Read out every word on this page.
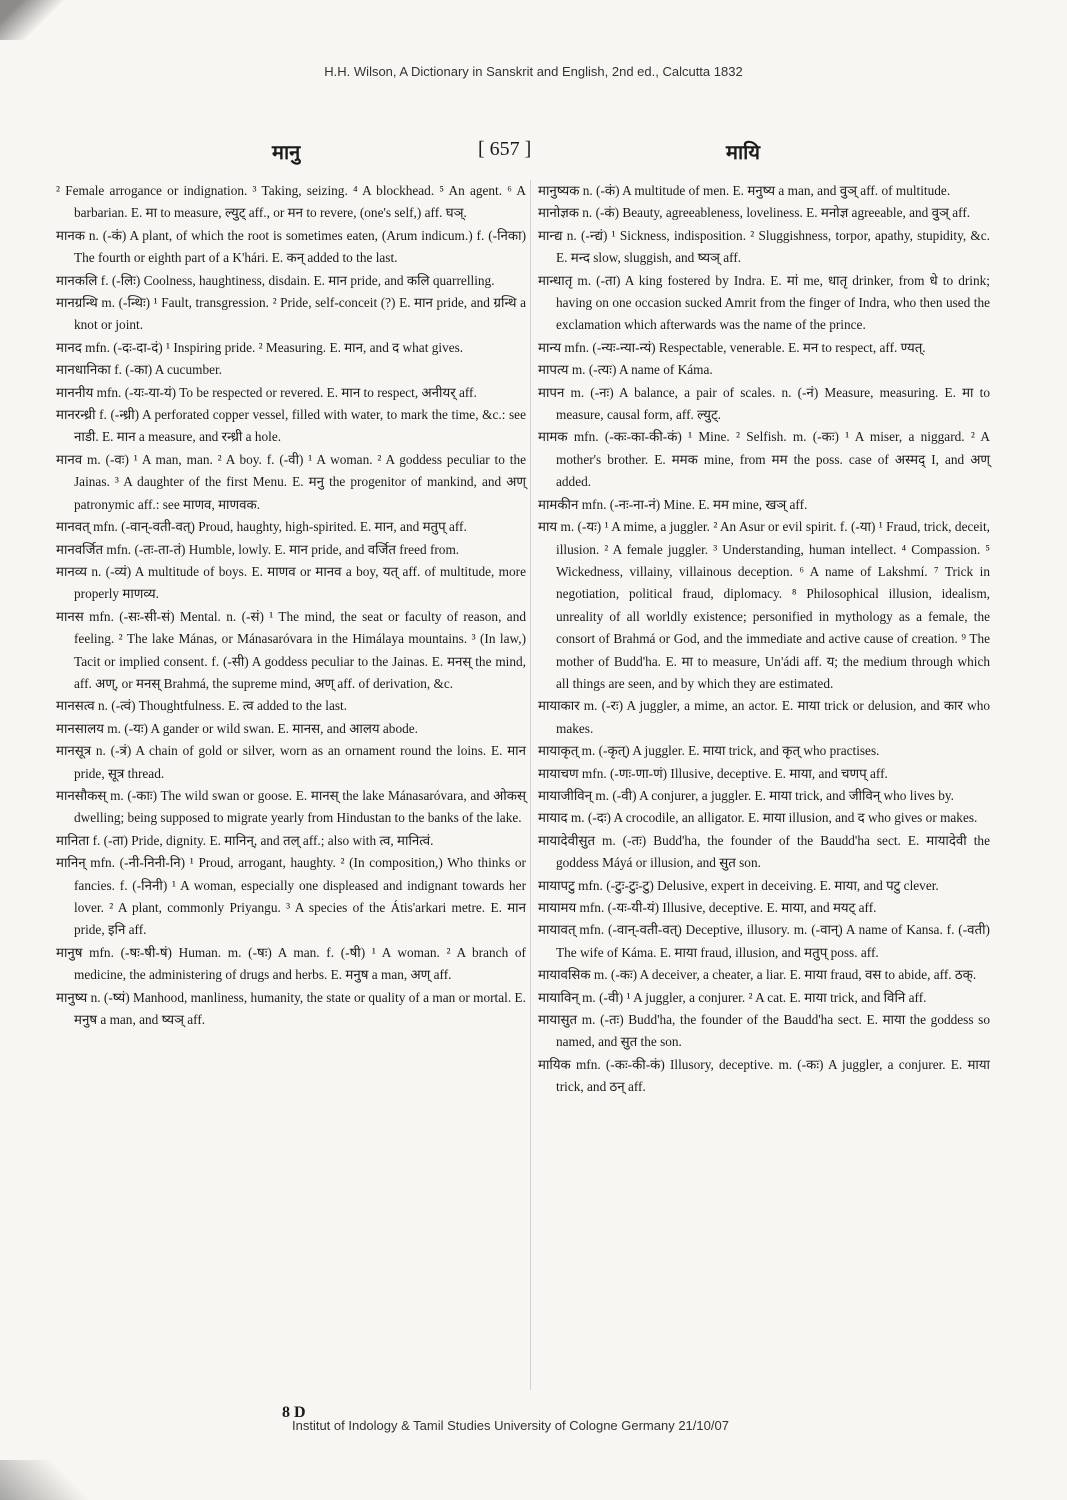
H.H. Wilson, A Dictionary in Sanskrit and English, 2nd ed., Calcutta 1832
मानु	[ 657 ]	मायि

² Female arrogance or indignation. ³ Taking, seizing. ⁴ A blockhead. ⁵ An agent. ⁶ A barbarian. E. मा to measure, ल्युट् aff., or मन to revere, (one's self,) aff. घञ्.

मानक n. (-कं) A plant, of which the root is sometimes eaten, (Arum indicum.) f. (-निका) The fourth or eighth part of a K'hári. E. कन् added to the last.

मानकलि f. (-लिः) Coolness, haughtiness, disdain. E. मान pride, and कलि quarrelling.

मानग्रन्थि m. (-न्थिः) ¹ Fault, transgression. ² Pride, self-conceit (?) E. मान pride, and ग्रन्थि a knot or joint.

मानद mfn. (-दः-दा-दं) ¹ Inspiring pride. ² Measuring. E. मान, and द what gives.

मानधानिका f. (-का) A cucumber.

माननीय mfn. (-यः-या-यं) To be respected or revered. E. मान to respect, अनीयर् aff.

मानरन्ध्री f. (-न्ध्री) A perforated copper vessel, filled with water, to mark the time, &c.: see नाडी. E. मान a measure, and रन्ध्री a hole.

मानव m. (-वः) ¹ A man, man. ² A boy. f. (-वी) ¹ A woman. ² A goddess peculiar to the Jainas. ³ A daughter of the first Menu. E. मनु the progenitor of mankind, and अण् patronymic aff.: see माणव, माणवक.

मानवत् mfn. (-वान्-वती-वत्) Proud, haughty, high-spirited. E. मान, and मतुप् aff.

मानवर्जित mfn. (-तः-ता-तं) Humble, lowly. E. मान pride, and वर्जित freed from.

मानव्य n. (-व्यं) A multitude of boys. E. माणव or मानव a boy, यत् aff. of multitude, more properly माणव्य.

मानस mfn. (-सः-सी-सं) Mental. n. (-सं) ¹ The mind, the seat or faculty of reason, and feeling. ² The lake Mánas, or Mánasaróvara in the Himálaya mountains. ³ (In law,) Tacit or implied consent. f. (-सी) A goddess peculiar to the Jainas. E. मनस् the mind, aff. अण्, or मनस् Brahmá, the supreme mind, अण् aff. of derivation, &c.

मानसत्व n. (-त्वं) Thoughtfulness. E. त्व added to the last.

मानसालय m. (-यः) A gander or wild swan. E. मानस, and आलय abode.

मानसूत्र n. (-त्रं) A chain of gold or silver, worn as an ornament round the loins. E. मान pride, सूत्र thread.

मानसौकस् m. (-काः) The wild swan or goose. E. मानस् the lake Mánasaróvara, and ओकस् dwelling; being supposed to migrate yearly from Hindustan to the banks of the lake.

मानिता f. (-ता) Pride, dignity. E. मानिन्, and तल् aff.; also with त्व, मानित्वं.

मानिन् mfn. (-नी-निनी-नि) ¹ Proud, arrogant, haughty. ² (In composition,) Who thinks or fancies. f. (-निनी) ¹ A woman, especially one displeased and indignant towards her lover. ² A plant, commonly Priyangu. ³ A species of the Átis'arkari metre. E. मान pride, इनि aff.

मानुष mfn. (-षः-षी-षं) Human. m. (-षः) A man. f. (-षी) ¹ A woman. ² A branch of medicine, the administering of drugs and herbs. E. मनुष a man, अण् aff.

मानुष्य n. (-ष्यं) Manhood, manliness, humanity, the state or quality of a man or mortal. E. मनुष a man, and ष्यञ् aff.

मानुष्यक n. (-कं) A multitude of men. E. मनुष्य a man, and वुञ् aff. of multitude.

मानोज्ञक n. (-कं) Beauty, agreeableness, loveliness. E. मनोज्ञ agreeable, and वुञ् aff.

मान्द्य n. (-न्द्यं) ¹ Sickness, indisposition. ² Sluggishness, torpor, apathy, stupidity, &c. E. मन्द slow, sluggish, and ष्यञ् aff.

मान्धातृ m. (-ता) A king fostered by Indra. E. मां me, धातृ drinker, from धे to drink; having on one occasion sucked Amrit from the finger of Indra, who then used the exclamation which afterwards was the name of the prince.

मान्य mfn. (-न्यः-न्या-न्यं) Respectable, venerable. E. मन to respect, aff. ण्यत्.

मापत्य m. (-त्यः) A name of Káma.

मापन m. (-नः) A balance, a pair of scales. n. (-नं) Measure, measuring. E. मा to measure, causal form, aff. ल्युट्.

मामक mfn. (-कः-का-की-कं) ¹ Mine. ² Selfish. m. (-कः) ¹ A miser, a niggard. ² A mother's brother. E. ममक mine, from मम the poss. case of अस्मद् I, and अण् added.

मामकीन mfn. (-नः-ना-नं) Mine. E. मम mine, खञ् aff.

माय m. (-यः) ¹ A mime, a juggler. ² An Asur or evil spirit. f. (-या) ¹ Fraud, trick, deceit, illusion. ² A female juggler. ³ Understanding, human intellect. ⁴ Compassion. ⁵ Wickedness, villainy, villainous deception. ⁶ A name of Lakshmí. ⁷ Trick in negotiation, political fraud, diplomacy. ⁸ Philosophical illusion, idealism, unreality of all worldly existence; personified in mythology as a female, the consort of Brahmá or God, and the immediate and active cause of creation. ⁹ The mother of Budd'ha. E. मा to measure, Un'ádi aff. य; the medium through which all things are seen, and by which they are estimated.

मायाकार m. (-रः) A juggler, a mime, an actor. E. माया trick or delusion, and कार who makes.

मायाकृत् m. (-कृत्) A juggler. E. माया trick, and कृत् who practises.

मायाचण mfn. (-णः-णा-णं) Illusive, deceptive. E. माया, and चणप् aff.

मायाजीविन् m. (-वी) A conjurer, a juggler. E. माया trick, and जीविन् who lives by.

मायाद m. (-दः) A crocodile, an alligator. E. माया illusion, and द who gives or makes.

मायादेवीसुत m. (-तः) Budd'ha, the founder of the Baudd'ha sect. E. मायादेवी the goddess Máyá or illusion, and सुत son.

मायापटु mfn. (-टुः-टुः-टु) Delusive, expert in deceiving. E. माया, and पटु clever.

मायामय mfn. (-यः-यी-यं) Illusive, deceptive. E. माया, and मयट् aff.

मायावत् mfn. (-वान्-वती-वत्) Deceptive, illusory. m. (-वान्) A name of Kansa. f. (-वती) The wife of Káma. E. माया fraud, illusion, and मतुप् poss. aff.

मायावसिक m. (-कः) A deceiver, a cheater, a liar. E. माया fraud, वस to abide, aff. ठक्.

मायाविन् m. (-वी) ¹ A juggler, a conjurer. ² A cat. E. माया trick, and विनि aff.

मायासुत m. (-तः) Budd'ha, the founder of the Baudd'ha sect. E. माया the goddess so named, and सुत the son.

मायिक mfn. (-कः-की-कं) Illusory, deceptive. m. (-कः) A juggler, a conjurer. E. माया trick, and ठन् aff.

8 D
Institut of Indology & Tamil Studies University of Cologne Germany 21/10/07
